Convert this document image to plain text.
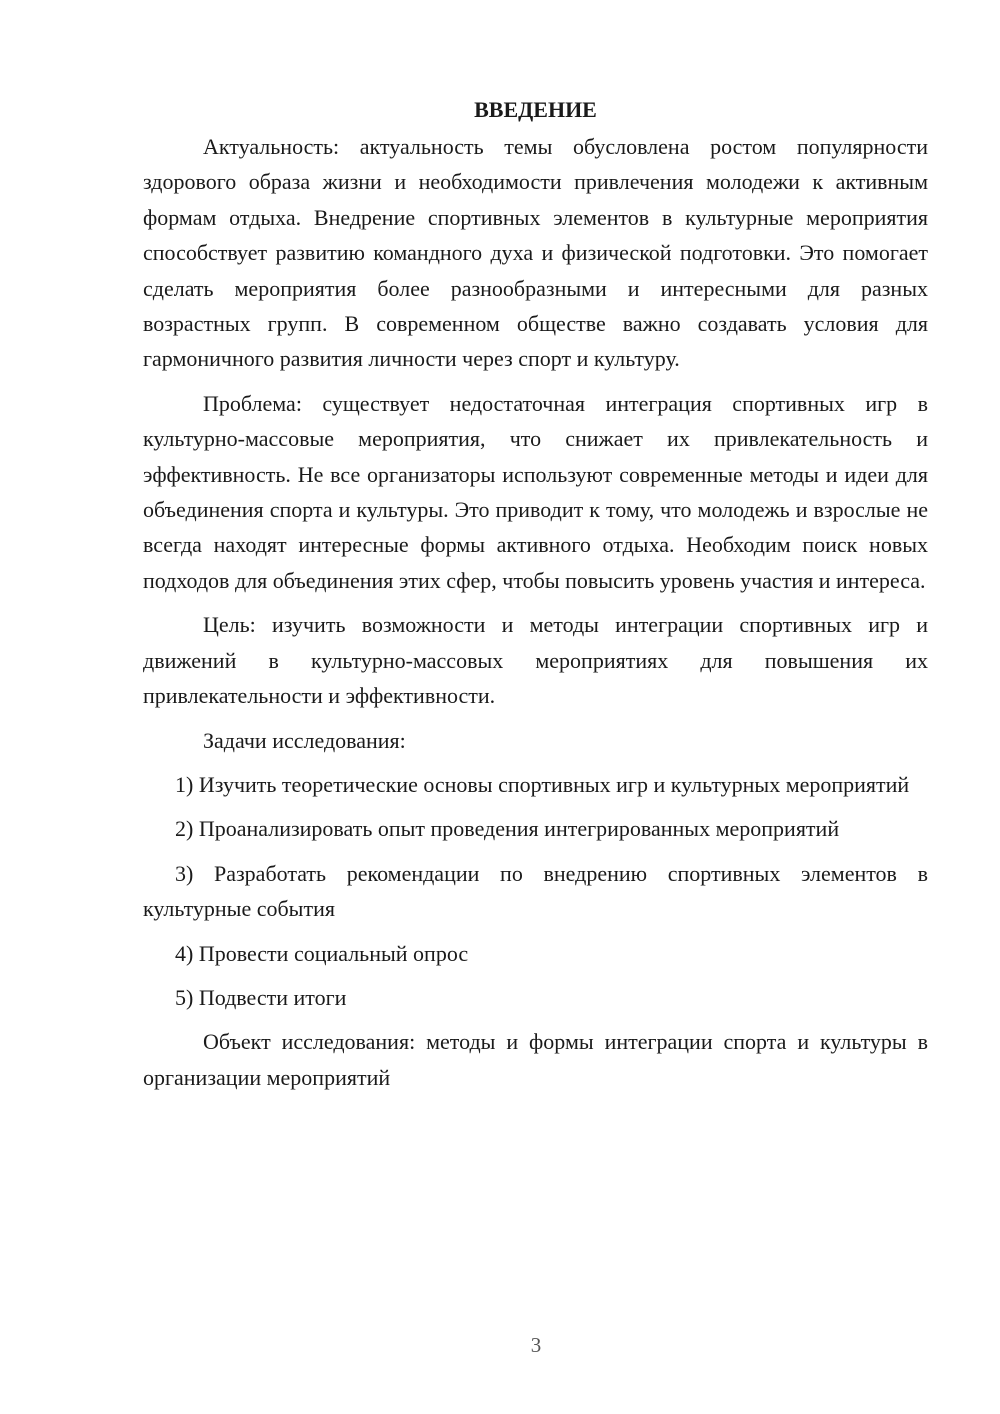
ВВЕДЕНИЕ

Актуальность: актуальность темы обусловлена ростом популярности здорового образа жизни и необходимости привлечения молодежи к активным формам отдыха. Внедрение спортивных элементов в культурные мероприятия способствует развитию командного духа и физической подготовки. Это помогает сделать мероприятия более разнообразными и интересными для разных возрастных групп. В современном обществе важно создавать условия для гармоничного развития личности через спорт и культуру.

Проблема: существует недостаточная интеграция спортивных игр в культурно-массовые мероприятия, что снижает их привлекательность и эффективность. Не все организаторы используют современные методы и идеи для объединения спорта и культуры. Это приводит к тому, что молодежь и взрослые не всегда находят интересные формы активного отдыха. Необходим поиск новых подходов для объединения этих сфер, чтобы повысить уровень участия и интереса.

Цель: изучить возможности и методы интеграции спортивных игр и движений в культурно-массовых мероприятиях для повышения их привлекательности и эффективности.

Задачи исследования:

1) Изучить теоретические основы спортивных игр и культурных мероприятий

2) Проанализировать опыт проведения интегрированных мероприятий

3) Разработать рекомендации по внедрению спортивных элементов в культурные события

4) Провести социальный опрос

5) Подвести итоги

Объект исследования: методы и формы интеграции спорта и культуры в организации мероприятий

3
